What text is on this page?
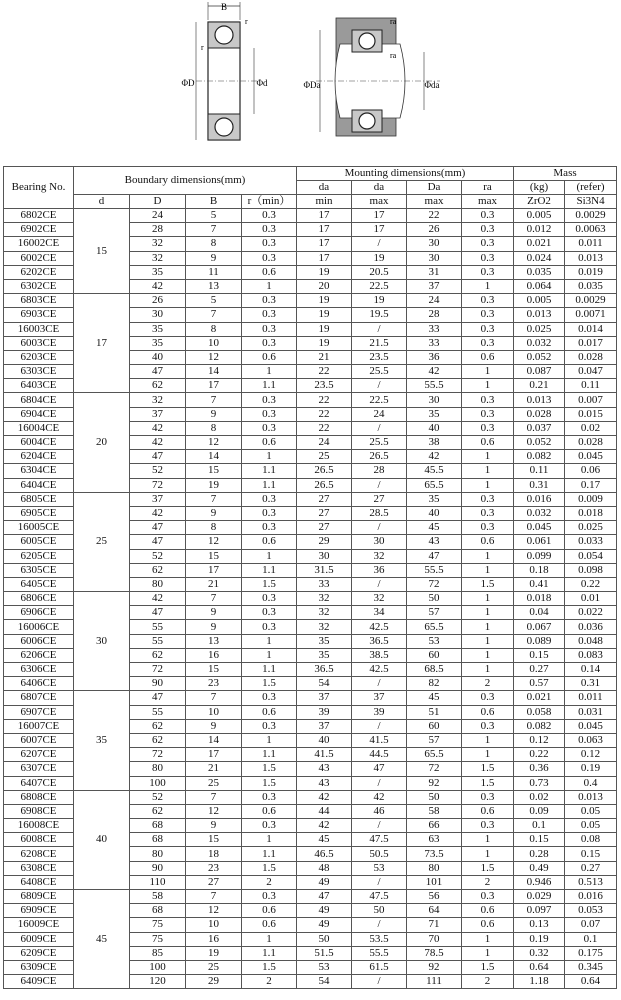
B
ΦD	Φd
r
r
ΦDa	Φda
ra
ra
Bearing No.	Boundary dimensions(mm)				Mounting dimensions(mm)				Mass	
					da	da	Da	ra	(kg)	(refer)
	d	D	B	r（min）	min	max	max	max	ZrO2	Si3N4
6802CE	15	24	5	0.3	17	17	22	0.3	0.005	0.0029
6902CE		28	7	0.3	17	17	26	0.3	0.012	0.0063
16002CE		32	8	0.3	17	/	30	0.3	0.021	0.011
6002CE		32	9	0.3	17	19	30	0.3	0.024	0.013
6202CE		35	11	0.6	19	20.5	31	0.3	0.035	0.019
6302CE		42	13	1	20	22.5	37	1	0.064	0.035
6803CE	17	26	5	0.3	19	19	24	0.3	0.005	0.0029
6903CE		30	7	0.3	19	19.5	28	0.3	0.013	0.0071
16003CE		35	8	0.3	19	/	33	0.3	0.025	0.014
6003CE		35	10	0.3	19	21.5	33	0.3	0.032	0.017
6203CE		40	12	0.6	21	23.5	36	0.6	0.052	0.028
6303CE		47	14	1	22	25.5	42	1	0.087	0.047
6403CE		62	17	1.1	23.5	/	55.5	1	0.21	0.11
6804CE	20	32	7	0.3	22	22.5	30	0.3	0.013	0.007
6904CE		37	9	0.3	22	24	35	0.3	0.028	0.015
16004CE		42	8	0.3	22	/	40	0.3	0.037	0.02
6004CE		42	12	0.6	24	25.5	38	0.6	0.052	0.028
6204CE		47	14	1	25	26.5	42	1	0.082	0.045
6304CE		52	15	1.1	26.5	28	45.5	1	0.11	0.06
6404CE		72	19	1.1	26.5	/	65.5	1	0.31	0.17
6805CE	25	37	7	0.3	27	27	35	0.3	0.016	0.009
6905CE		42	9	0.3	27	28.5	40	0.3	0.032	0.018
16005CE		47	8	0.3	27	/	45	0.3	0.045	0.025
6005CE		47	12	0.6	29	30	43	0.6	0.061	0.033
6205CE		52	15	1	30	32	47	1	0.099	0.054
6305CE		62	17	1.1	31.5	36	55.5	1	0.18	0.098
6405CE		80	21	1.5	33	/	72	1.5	0.41	0.22
6806CE	30	42	7	0.3	32	32	50	1	0.018	0.01
6906CE		47	9	0.3	32	34	57	1	0.04	0.022
16006CE		55	9	0.3	32	42.5	65.5	1	0.067	0.036
6006CE		55	13	1	35	36.5	53	1	0.089	0.048
6206CE		62	16	1	35	38.5	60	1	0.15	0.083
6306CE		72	15	1.1	36.5	42.5	68.5	1	0.27	0.14
6406CE		90	23	1.5	54	/	82	2	0.57	0.31
6807CE	35	47	7	0.3	37	37	45	0.3	0.021	0.011
6907CE		55	10	0.6	39	39	51	0.6	0.058	0.031
16007CE		62	9	0.3	37	/	60	0.3	0.082	0.045
6007CE		62	14	1	40	41.5	57	1	0.12	0.063
6207CE		72	17	1.1	41.5	44.5	65.5	1	0.22	0.12
6307CE		80	21	1.5	43	47	72	1.5	0.36	0.19
6407CE		100	25	1.5	43	/	92	1.5	0.73	0.4
6808CE	40	52	7	0.3	42	42	50	0.3	0.02	0.013
6908CE		62	12	0.6	44	46	58	0.6	0.09	0.05
16008CE		68	9	0.3	42	/	66	0.3	0.1	0.05
6008CE		68	15	1	45	47.5	63	1	0.15	0.08
6208CE		80	18	1.1	46.5	50.5	73.5	1	0.28	0.15
6308CE		90	23	1.5	48	53	80	1.5	0.49	0.27
6408CE		110	27	2	49	/	101	2	0.946	0.513
6809CE	45	58	7	0.3	47	47.5	56	0.3	0.029	0.016
6909CE		68	12	0.6	49	50	64	0.6	0.097	0.053
16009CE		75	10	0.6	49	/	71	0.6	0.13	0.07
6009CE		75	16	1	50	53.5	70	1	0.19	0.1
6209CE		85	19	1.1	51.5	55.5	78.5	1	0.32	0.175
6309CE		100	25	1.5	53	61.5	92	1.5	0.64	0.345
6409CE		120	29	2	54	/	111	2	1.18	0.64
